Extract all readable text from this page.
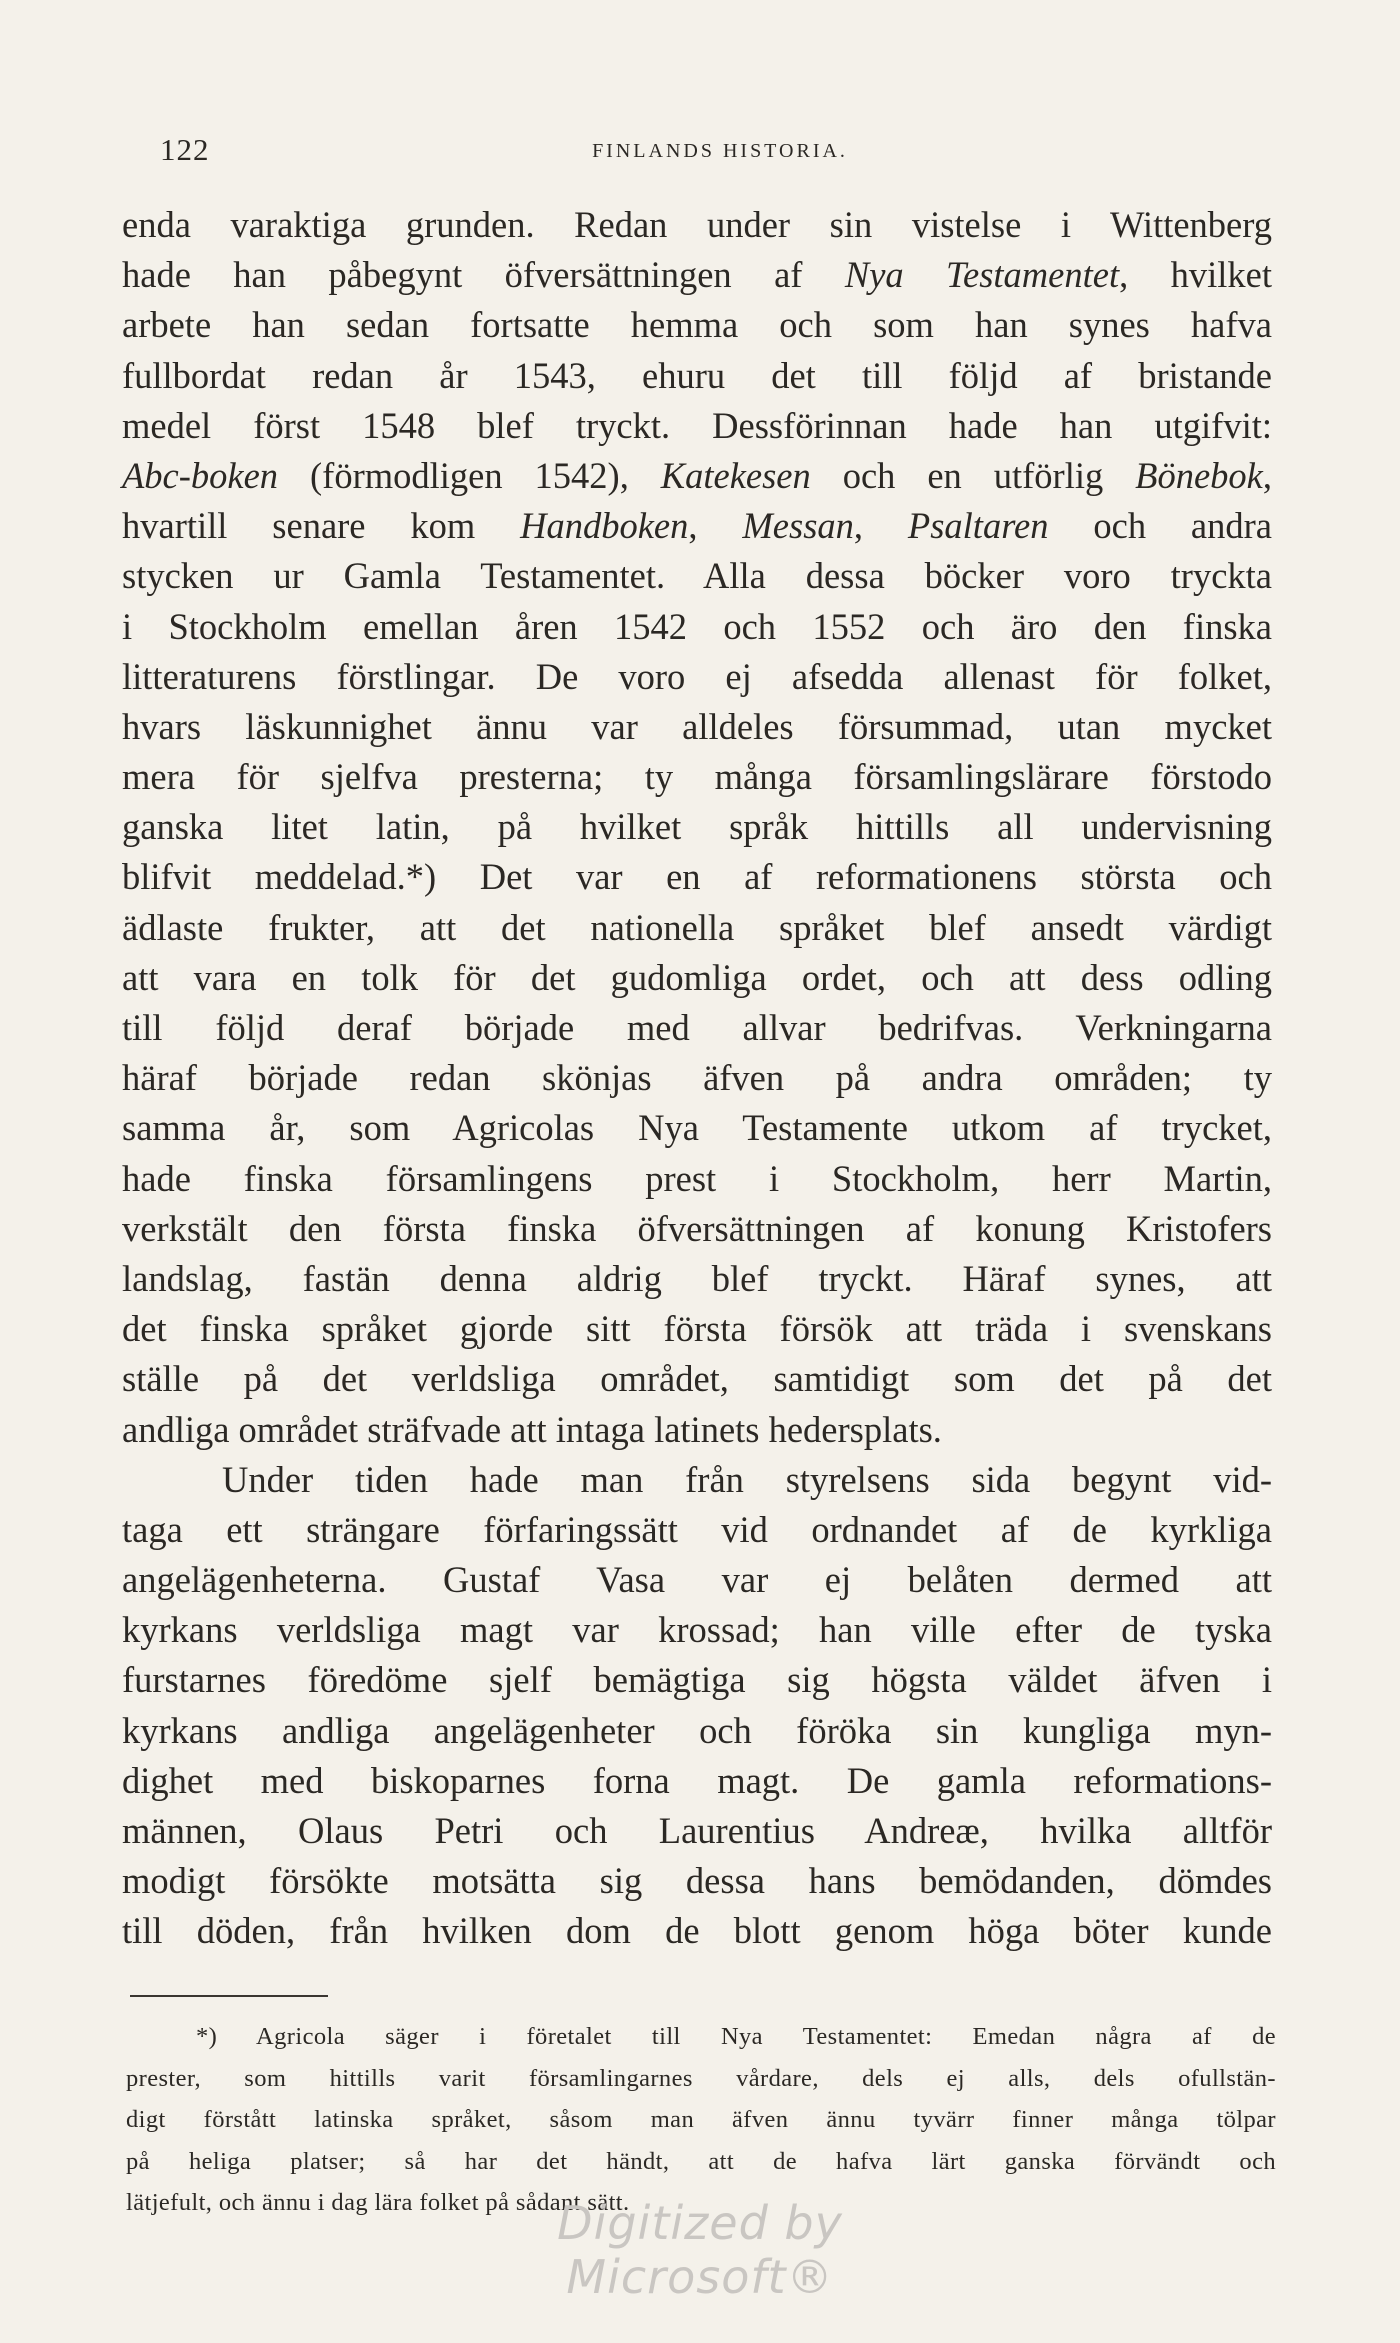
122	FINLANDS HISTORIA.
enda varaktiga grunden. Redan under sin vistelse i Wittenberg
hade han påbegynt öfversättningen af Nya Testamentet, hvilket
arbete han sedan fortsatte hemma och som han synes hafva
fullbordat redan år 1543, ehuru det till följd af bristande
medel först 1548 blef tryckt. Dessförinnan hade han utgifvit:
Abc-boken (förmodligen 1542), Katekesen och en utförlig Bönebok,
hvartill senare kom Handboken, Messan, Psaltaren och andra
stycken ur Gamla Testamentet. Alla dessa böcker voro tryckta
i Stockholm emellan åren 1542 och 1552 och äro den finska
litteraturens förstlingar. De voro ej afsedda allenast för folket,
hvars läskunnighet ännu var alldeles försummad, utan mycket
mera för sjelfva presterna; ty många församlingslärare förstodo
ganska litet latin, på hvilket språk hittills all undervisning
blifvit meddelad.*) Det var en af reformationens största och
ädlaste frukter, att det nationella språket blef ansedt värdigt
att vara en tolk för det gudomliga ordet, och att dess odling
till följd deraf började med allvar bedrifvas. Verkningarna
häraf började redan skönjas äfven på andra områden; ty
samma år, som Agricolas Nya Testamente utkom af trycket,
hade finska församlingens prest i Stockholm, herr Martin,
verkstält den första finska öfversättningen af konung Kristofers
landslag, fastän denna aldrig blef tryckt. Häraf synes, att
det finska språket gjorde sitt första försök att träda i svenskans
ställe på det verldsliga området, samtidigt som det på det
andliga området sträfvade att intaga latinets hedersplats.
Under tiden hade man från styrelsens sida begynt vid-
taga ett strängare förfaringssätt vid ordnandet af de kyrkliga
angelägenheterna. Gustaf Vasa var ej belåten dermed att
kyrkans verldsliga magt var krossad; han ville efter de tyska
furstarnes föredöme sjelf bemägtiga sig högsta väldet äfven i
kyrkans andliga angelägenheter och föröka sin kungliga myn-
dighet med biskoparnes forna magt. De gamla reformations-
männen, Olaus Petri och Laurentius Andreæ, hvilka alltför
modigt försökte motsätta sig dessa hans bemödanden, dömdes
till döden, från hvilken dom de blott genom höga böter kunde
*) Agricola säger i företalet till Nya Testamentet: Emedan några af de
prester, som hittills varit församlingarnes vårdare, dels ej alls, dels ofullstän-
digt förstått latinska språket, såsom man äfven ännu tyvärr finner många tölpar
på heliga platser; så har det händt, att de hafva lärt ganska förvändt och
lätjefult, och ännu i dag lära folket på sådant sätt.
Digitized by Microsoft®
